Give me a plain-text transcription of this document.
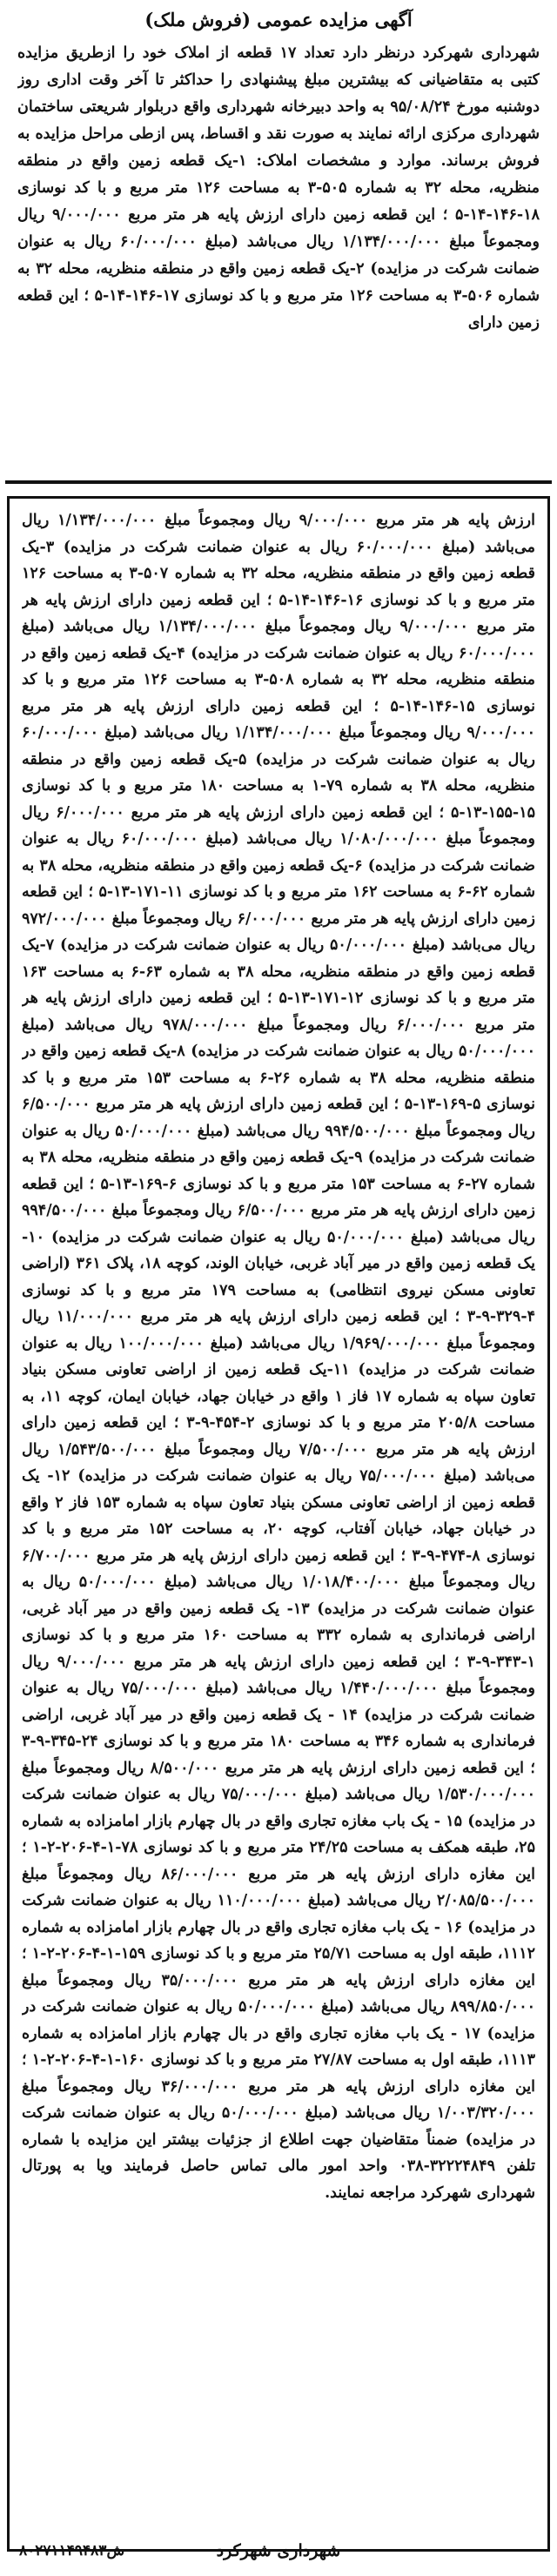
آگهی مزایده عمومی (فروش ملک)

شهرداری شهرکرد درنظر دارد تعداد ۱۷ قطعه از املاک خود را ازطریق مزایده کتبی به متقاضیانی که بیشترین مبلغ پیشنهادی را حداکثر تا آخر وقت اداری روز دوشنبه مورخ ۹۵/۰۸/۲۴ به واحد دبیرخانه شهرداری واقع دربلوار شریعتی ساختمان شهرداری مرکزی ارائه نمایند به صورت نقد و اقساط، پس ازطی مراحل مزایده به فروش برساند. موارد و مشخصات املاک: ۱-یک قطعه زمین واقع در منطقه منظریه، محله ۳۲ به شماره ۵۰۵-۳ به مساحت ۱۲۶ متر مربع و با کد نوسازی ۱۸-۱۴۶-۱۴-۵ ؛ این قطعه زمین دارای ارزش پایه هر متر مربع ۹/۰۰۰/۰۰۰ ریال ومجموعاً مبلغ ۱/۱۳۴/۰۰۰/۰۰۰ ریال می‌باشد (مبلغ ۶۰/۰۰۰/۰۰۰ ریال به عنوان ضمانت شرکت در مزایده) ۲-یک قطعه زمین واقع در منطقه منظریه، محله ۳۲ به شماره ۵۰۶-۳ به مساحت ۱۲۶ متر مربع و با کد نوسازی ۱۷-۱۴۶-۱۴-۵ ؛ این قطعه زمین دارای

ارزش پایه هر متر مربع ۹/۰۰۰/۰۰۰ ریال ومجموعاً مبلغ ۱/۱۳۴/۰۰۰/۰۰۰ ریال می‌باشد (مبلغ ۶۰/۰۰۰/۰۰۰ ریال به عنوان ضمانت شرکت در مزایده) ۳-یک قطعه زمین واقع در منطقه منظریه، محله ۳۲ به شماره ۵۰۷-۳ به مساحت ۱۲۶ متر مربع و با کد نوسازی ۱۶-۱۴۶-۱۴-۵ ؛ این قطعه زمین دارای ارزش پایه هر متر مربع ۹/۰۰۰/۰۰۰ ریال ومجموعاً مبلغ ۱/۱۳۴/۰۰۰/۰۰۰ ریال می‌باشد (مبلغ ۶۰/۰۰۰/۰۰۰ ریال به عنوان ضمانت شرکت در مزایده) ۴-یک قطعه زمین واقع در منطقه منظریه، محله ۳۲ به شماره ۵۰۸-۳ به مساحت ۱۲۶ متر مربع و با کد نوسازی ۱۵-۱۴۶-۱۴-۵ ؛ این قطعه زمین دارای ارزش پایه هر متر مربع ۹/۰۰۰/۰۰۰ ریال ومجموعاً مبلغ ۱/۱۳۴/۰۰۰/۰۰۰ ریال می‌باشد (مبلغ ۶۰/۰۰۰/۰۰۰ ریال به عنوان ضمانت شرکت در مزایده) ۵-یک قطعه زمین واقع در منطقه منظریه، محله ۳۸ به شماره ۷۹-۱ به مساحت ۱۸۰ متر مربع و با کد نوسازی ۱۵-۱۵۵-۱۳-۵ ؛ این قطعه زمین دارای ارزش پایه هر متر مربع ۶/۰۰۰/۰۰۰ ریال ومجموعاً مبلغ ۱/۰۸۰/۰۰۰/۰۰۰ ریال می‌باشد (مبلغ ۶۰/۰۰۰/۰۰۰ ریال به عنوان ضمانت شرکت در مزایده) ۶-یک قطعه زمین واقع در منطقه منظریه، محله ۳۸ به شماره ۶۲-۶ به مساحت ۱۶۲ متر مربع و با کد نوسازی ۱۱-۱۷۱-۱۳-۵ ؛ این قطعه زمین دارای ارزش پایه هر متر مربع ۶/۰۰۰/۰۰۰ ریال ومجموعاً مبلغ ۹۷۲/۰۰۰/۰۰۰ ریال می‌باشد (مبلغ ۵۰/۰۰۰/۰۰۰ ریال به عنوان ضمانت شرکت در مزایده) ۷-یک قطعه زمین واقع در منطقه منظریه، محله ۳۸ به شماره ۶۳-۶ به مساحت ۱۶۳ متر مربع و با کد نوسازی ۱۲-۱۷۱-۱۳-۵ ؛ این قطعه زمین دارای ارزش پایه هر متر مربع ۶/۰۰۰/۰۰۰ ریال ومجموعاً مبلغ ۹۷۸/۰۰۰/۰۰۰ ریال می‌باشد (مبلغ ۵۰/۰۰۰/۰۰۰ ریال به عنوان ضمانت شرکت در مزایده) ۸-یک قطعه زمین واقع در منطقه منظریه، محله ۳۸ به شماره ۲۶-۶ به مساحت ۱۵۳ متر مربع و با کد نوسازی ۵-۱۶۹-۱۳-۵ ؛ این قطعه زمین دارای ارزش پایه هر متر مربع ۶/۵۰۰/۰۰۰ ریال ومجموعاً مبلغ ۹۹۴/۵۰۰/۰۰۰ ریال می‌باشد (مبلغ ۵۰/۰۰۰/۰۰۰ ریال به عنوان ضمانت شرکت در مزایده) ۹-یک قطعه زمین واقع در منطقه منظریه، محله ۳۸ به شماره ۲۷-۶ به مساحت ۱۵۳ متر مربع و با کد نوسازی ۶-۱۶۹-۱۳-۵ ؛ این قطعه زمین دارای ارزش پایه هر متر مربع ۶/۵۰۰/۰۰۰ ریال ومجموعاً مبلغ ۹۹۴/۵۰۰/۰۰۰ ریال می‌باشد (مبلغ ۵۰/۰۰۰/۰۰۰ ریال به عنوان ضمانت شرکت در مزایده) ۱۰-یک قطعه زمین واقع در میر آباد غربی، خیابان الوند، کوچه ۱۸، پلاک ۳۶۱ (اراضی تعاونی مسکن نیروی انتظامی) به مساحت ۱۷۹ متر مربع و با کد نوسازی ۴-۳۲۹-۹-۳ ؛ این قطعه زمین دارای ارزش پایه هر متر مربع ۱۱/۰۰۰/۰۰۰ ریال ومجموعاً مبلغ ۱/۹۶۹/۰۰۰/۰۰۰ ریال می‌باشد (مبلغ ۱۰۰/۰۰۰/۰۰۰ ریال به عنوان ضمانت شرکت در مزایده) ۱۱-یک قطعه زمین از اراضی تعاونی مسکن بنیاد تعاون سپاه به شماره ۱۷ فاز ۱ واقع در خیابان جهاد، خیابان ایمان، کوچه ۱۱، به مساحت ۲۰۵/۸ متر مربع و با کد نوسازی ۲-۴۵۴-۹-۳ ؛ این قطعه زمین دارای ارزش پایه هر متر مربع ۷/۵۰۰/۰۰۰ ریال ومجموعاً مبلغ ۱/۵۴۳/۵۰۰/۰۰۰ ریال می‌باشد (مبلغ ۷۵/۰۰۰/۰۰۰ ریال به عنوان ضمانت شرکت در مزایده) ۱۲- یک قطعه زمین از اراضی تعاونی مسکن بنیاد تعاون سپاه به شماره ۱۵۳ فاز ۲ واقع در خیابان جهاد، خیابان آفتاب، کوچه ۲۰، به مساحت ۱۵۲ متر مربع و با کد نوسازی ۸-۴۷۴-۹-۳ ؛ این قطعه زمین دارای ارزش پایه هر متر مربع ۶/۷۰۰/۰۰۰ ریال ومجموعاً مبلغ ۱/۰۱۸/۴۰۰/۰۰۰ ریال می‌باشد (مبلغ ۵۰/۰۰۰/۰۰۰ ریال به عنوان ضمانت شرکت در مزایده) ۱۳- یک قطعه زمین واقع در میر آباد غربی، اراضی فرمانداری به شماره ۳۳۲ به مساحت ۱۶۰ متر مربع و با کد نوسازی ۱-۳۴۳-۹-۳ ؛ این قطعه زمین دارای ارزش پایه هر متر مربع ۹/۰۰۰/۰۰۰ ریال ومجموعاً مبلغ ۱/۴۴۰/۰۰۰/۰۰۰ ریال می‌باشد (مبلغ ۷۵/۰۰۰/۰۰۰ ریال به عنوان ضمانت شرکت در مزایده) ۱۴ - یک قطعه زمین واقع در میر آباد غربی، اراضی فرمانداری به شماره ۳۴۶ به مساحت ۱۸۰ متر مربع و با کد نوسازی ۲۴-۳۴۵-۹-۳ ؛ این قطعه زمین دارای ارزش پایه هر متر مربع ۸/۵۰۰/۰۰۰ ریال ومجموعاً مبلغ ۱/۵۳۰/۰۰۰/۰۰۰ ریال می‌باشد (مبلغ ۷۵/۰۰۰/۰۰۰ ریال به عنوان ضمانت شرکت در مزایده) ۱۵ - یک باب مغازه تجاری واقع در بال چهارم بازار امامزاده به شماره ۲۵، طبقه همکف به مساحت ۲۴/۲۵ متر مربع و با کد نوسازی ۷۸-۱-۴-۲۰۶-۲-۱ ؛ این مغازه دارای ارزش پایه هر متر مربع ۸۶/۰۰۰/۰۰۰ ریال ومجموعاً مبلغ ۲/۰۸۵/۵۰۰/۰۰۰ ریال می‌باشد (مبلغ ۱۱۰/۰۰۰/۰۰۰ ریال به عنوان ضمانت شرکت در مزایده) ۱۶ - یک باب مغازه تجاری واقع در بال چهارم بازار امامزاده به شماره ۱۱۱۲، طبقه اول به مساحت ۲۵/۷۱ متر مربع و با کد نوسازی ۱۵۹-۱-۴-۲۰۶-۲-۱ ؛ این مغازه دارای ارزش پایه هر متر مربع ۳۵/۰۰۰/۰۰۰ ریال ومجموعاً مبلغ ۸۹۹/۸۵۰/۰۰۰ ریال می‌باشد (مبلغ ۵۰/۰۰۰/۰۰۰ ریال به عنوان ضمانت شرکت در مزایده) ۱۷ - یک باب مغازه تجاری واقع در بال چهارم بازار امامزاده به شماره ۱۱۱۳، طبقه اول به مساحت ۲۷/۸۷ متر مربع و با کد نوسازی ۱۶۰-۱-۴-۲۰۶-۲-۱ ؛ این مغازه دارای ارزش پایه هر متر مربع ۳۶/۰۰۰/۰۰۰ ریال ومجموعاً مبلغ ۱/۰۰۳/۳۲۰/۰۰۰ ریال می‌باشد (مبلغ ۵۰/۰۰۰/۰۰۰ ریال به عنوان ضمانت شرکت در مزایده) ضمناً متقاضیان جهت اطلاع از جزئیات بیشتر این مزایده با شماره تلفن ۳۲۲۲۴۸۴۹-۰۳۸ واحد امور مالی تماس حاصل فرمایند ویا به پورتال شهرداری شهرکرد مراجعه نمایند.

شهرداری شهرکرد
ش۸۰۲۷۱۱۴۹۴۸۳
